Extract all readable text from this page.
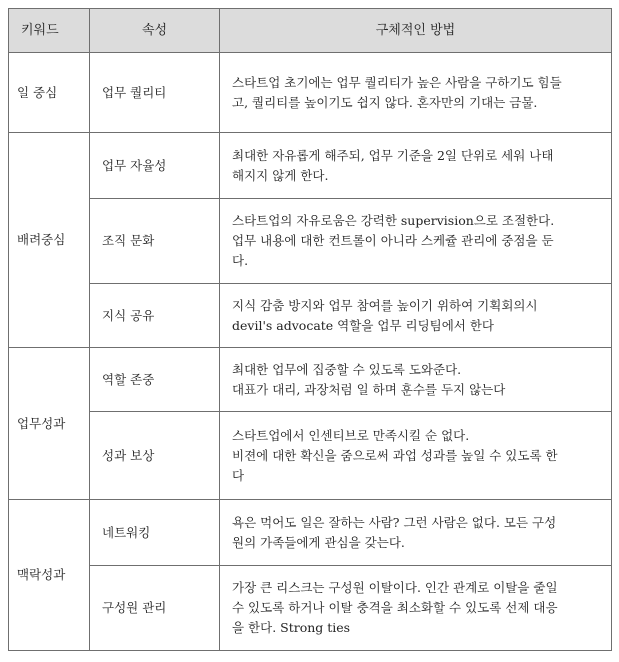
키워드	속성	구체적인 방법
일 중심	업무 퀄리티	스타트업 초기에는 업무 퀄리티가 높은 사람을 구하기도 힘들
고, 퀄리티를 높이기도 쉽지 않다. 혼자만의 기대는 금물.

배려중심	업무 자율성	최대한 자유롭게 해주되, 업무 기준을 2일 단위로 세워 나태
해지지 않게 한다.

	조직 문화	스타트업의 자유로움은 강력한 supervision으로 조절한다.
업무 내용에 대한 컨트롤이 아니라 스케쥴 관리에 중점을 둔
다.

	지식 공유	지식 감춤 방지와 업무 참여를 높이기 위하여 기획회의시
devil's advocate 역할을 업무 리딩팀에서 한다

업무성과	역할 존중	최대한 업무에 집중할 수 있도록 도와준다.
대표가 대리, 과장처럼 일 하며 훈수를 두지 않는다

	성과 보상	스타트업에서 인센티브로 만족시킬 순 없다.
비젼에 대한 확신을 줌으로써 과업 성과를 높일 수 있도록 한
다

맥락성과	네트워킹	욕은 먹어도 일은 잘하는 사람? 그런 사람은 없다. 모든 구성
원의 가족들에게 관심을 갖는다.

	구성원 관리	가장 큰 리스크는 구성원 이탈이다. 인간 관계로 이탈을 줄일
수 있도록 하거나 이탈 충격을 최소화할 수 있도록 선제 대응
을 한다. Strong ties
